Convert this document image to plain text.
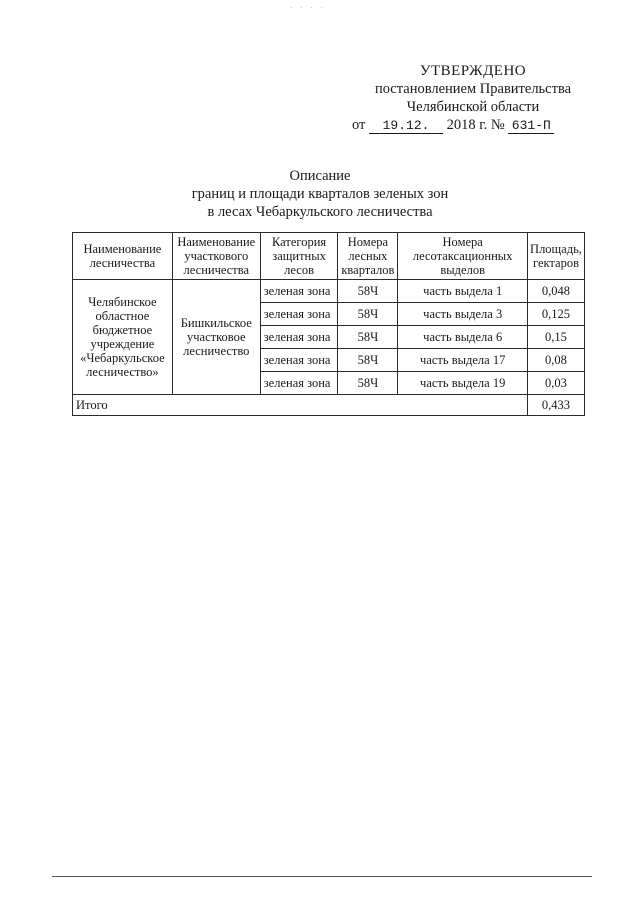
· · · ·
УТВЕРЖДЕНО
постановлением Правительства
Челябинской области
от 19.12. 2018 г. № 631-П
Описание
границ и площади кварталов зеленых зон
в лесах Чебаркульского лесничества
Наименование лесничества	Наименование участкового лесничества	Категория защитных лесов	Номера лесных кварталов	Номера лесотаксационных выделов	Площадь, гектаров
Челябинское областное бюджетное учреждение «Чебаркульское лесничество»	Бишкильское участковое лесничество	зеленая зона	58Ч	часть выдела 1	0,048
		зеленая зона	58Ч	часть выдела 3	0,125
		зеленая зона	58Ч	часть выдела 6	0,15
		зеленая зона	58Ч	часть выдела 17	0,08
		зеленая зона	58Ч	часть выдела 19	0,03
Итого					0,433
